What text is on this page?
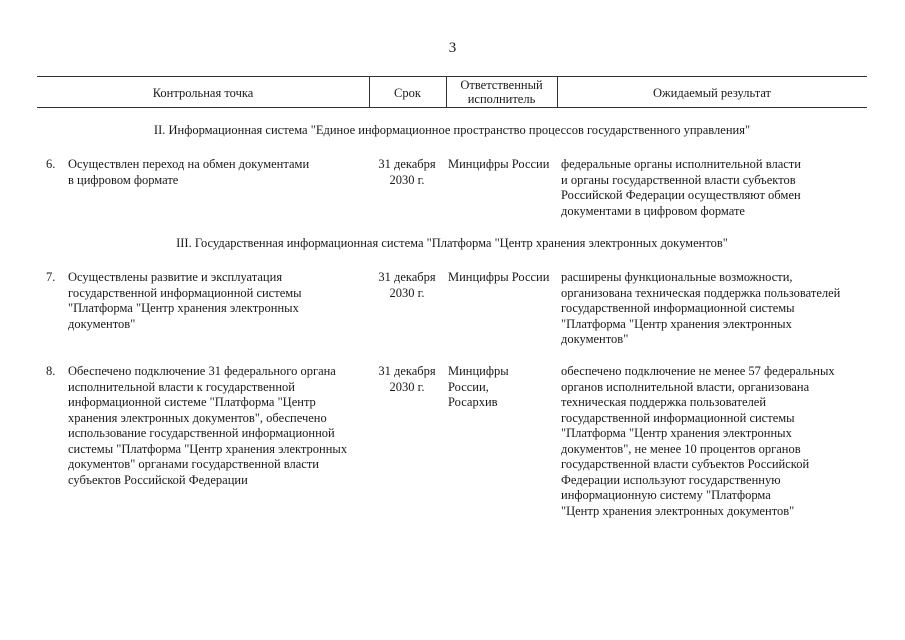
3
Контрольная точка	Срок
Ответственный
исполнитель	Ожидаемый результат
II. Информационная система "Единое информационное пространство процессов государственного управления"
6. Осуществлен переход на обмен документами
в цифровом формате
31 декабря
2030 г.
Минцифры России федеральные органы исполнительной власти
и органы государственной власти субъектов
Российской Федерации осуществляют обмен
документами в цифровом формате
III. Государственная информационная система "Платформа "Центр хранения электронных документов"
7. Осуществлены развитие и эксплуатация
государственной информационной системы
"Платформа "Центр хранения электронных
документов"
31 декабря
2030 г.
Минцифры России расширены функциональные возможности,
организована техническая поддержка пользователей
государственной информационной системы
"Платформа "Центр хранения электронных
документов"
8. Обеспечено подключение 31 федерального органа
исполнительной власти к государственной
информационной системе "Платформа "Центр
хранения электронных документов", обеспечено
использование государственной информационной
системы "Платформа "Центр хранения электронных
документов" органами государственной власти
субъектов Российской Федерации
31 декабря
2030 г.
Минцифры
России,
Росархив
обеспечено подключение не менее 57 федеральных
органов исполнительной власти, организована
техническая поддержка пользователей
государственной информационной системы
"Платформа "Центр хранения электронных
документов", не менее 10 процентов органов
государственной власти субъектов Российской
Федерации используют государственную
информационную систему "Платформа
"Центр хранения электронных документов"
